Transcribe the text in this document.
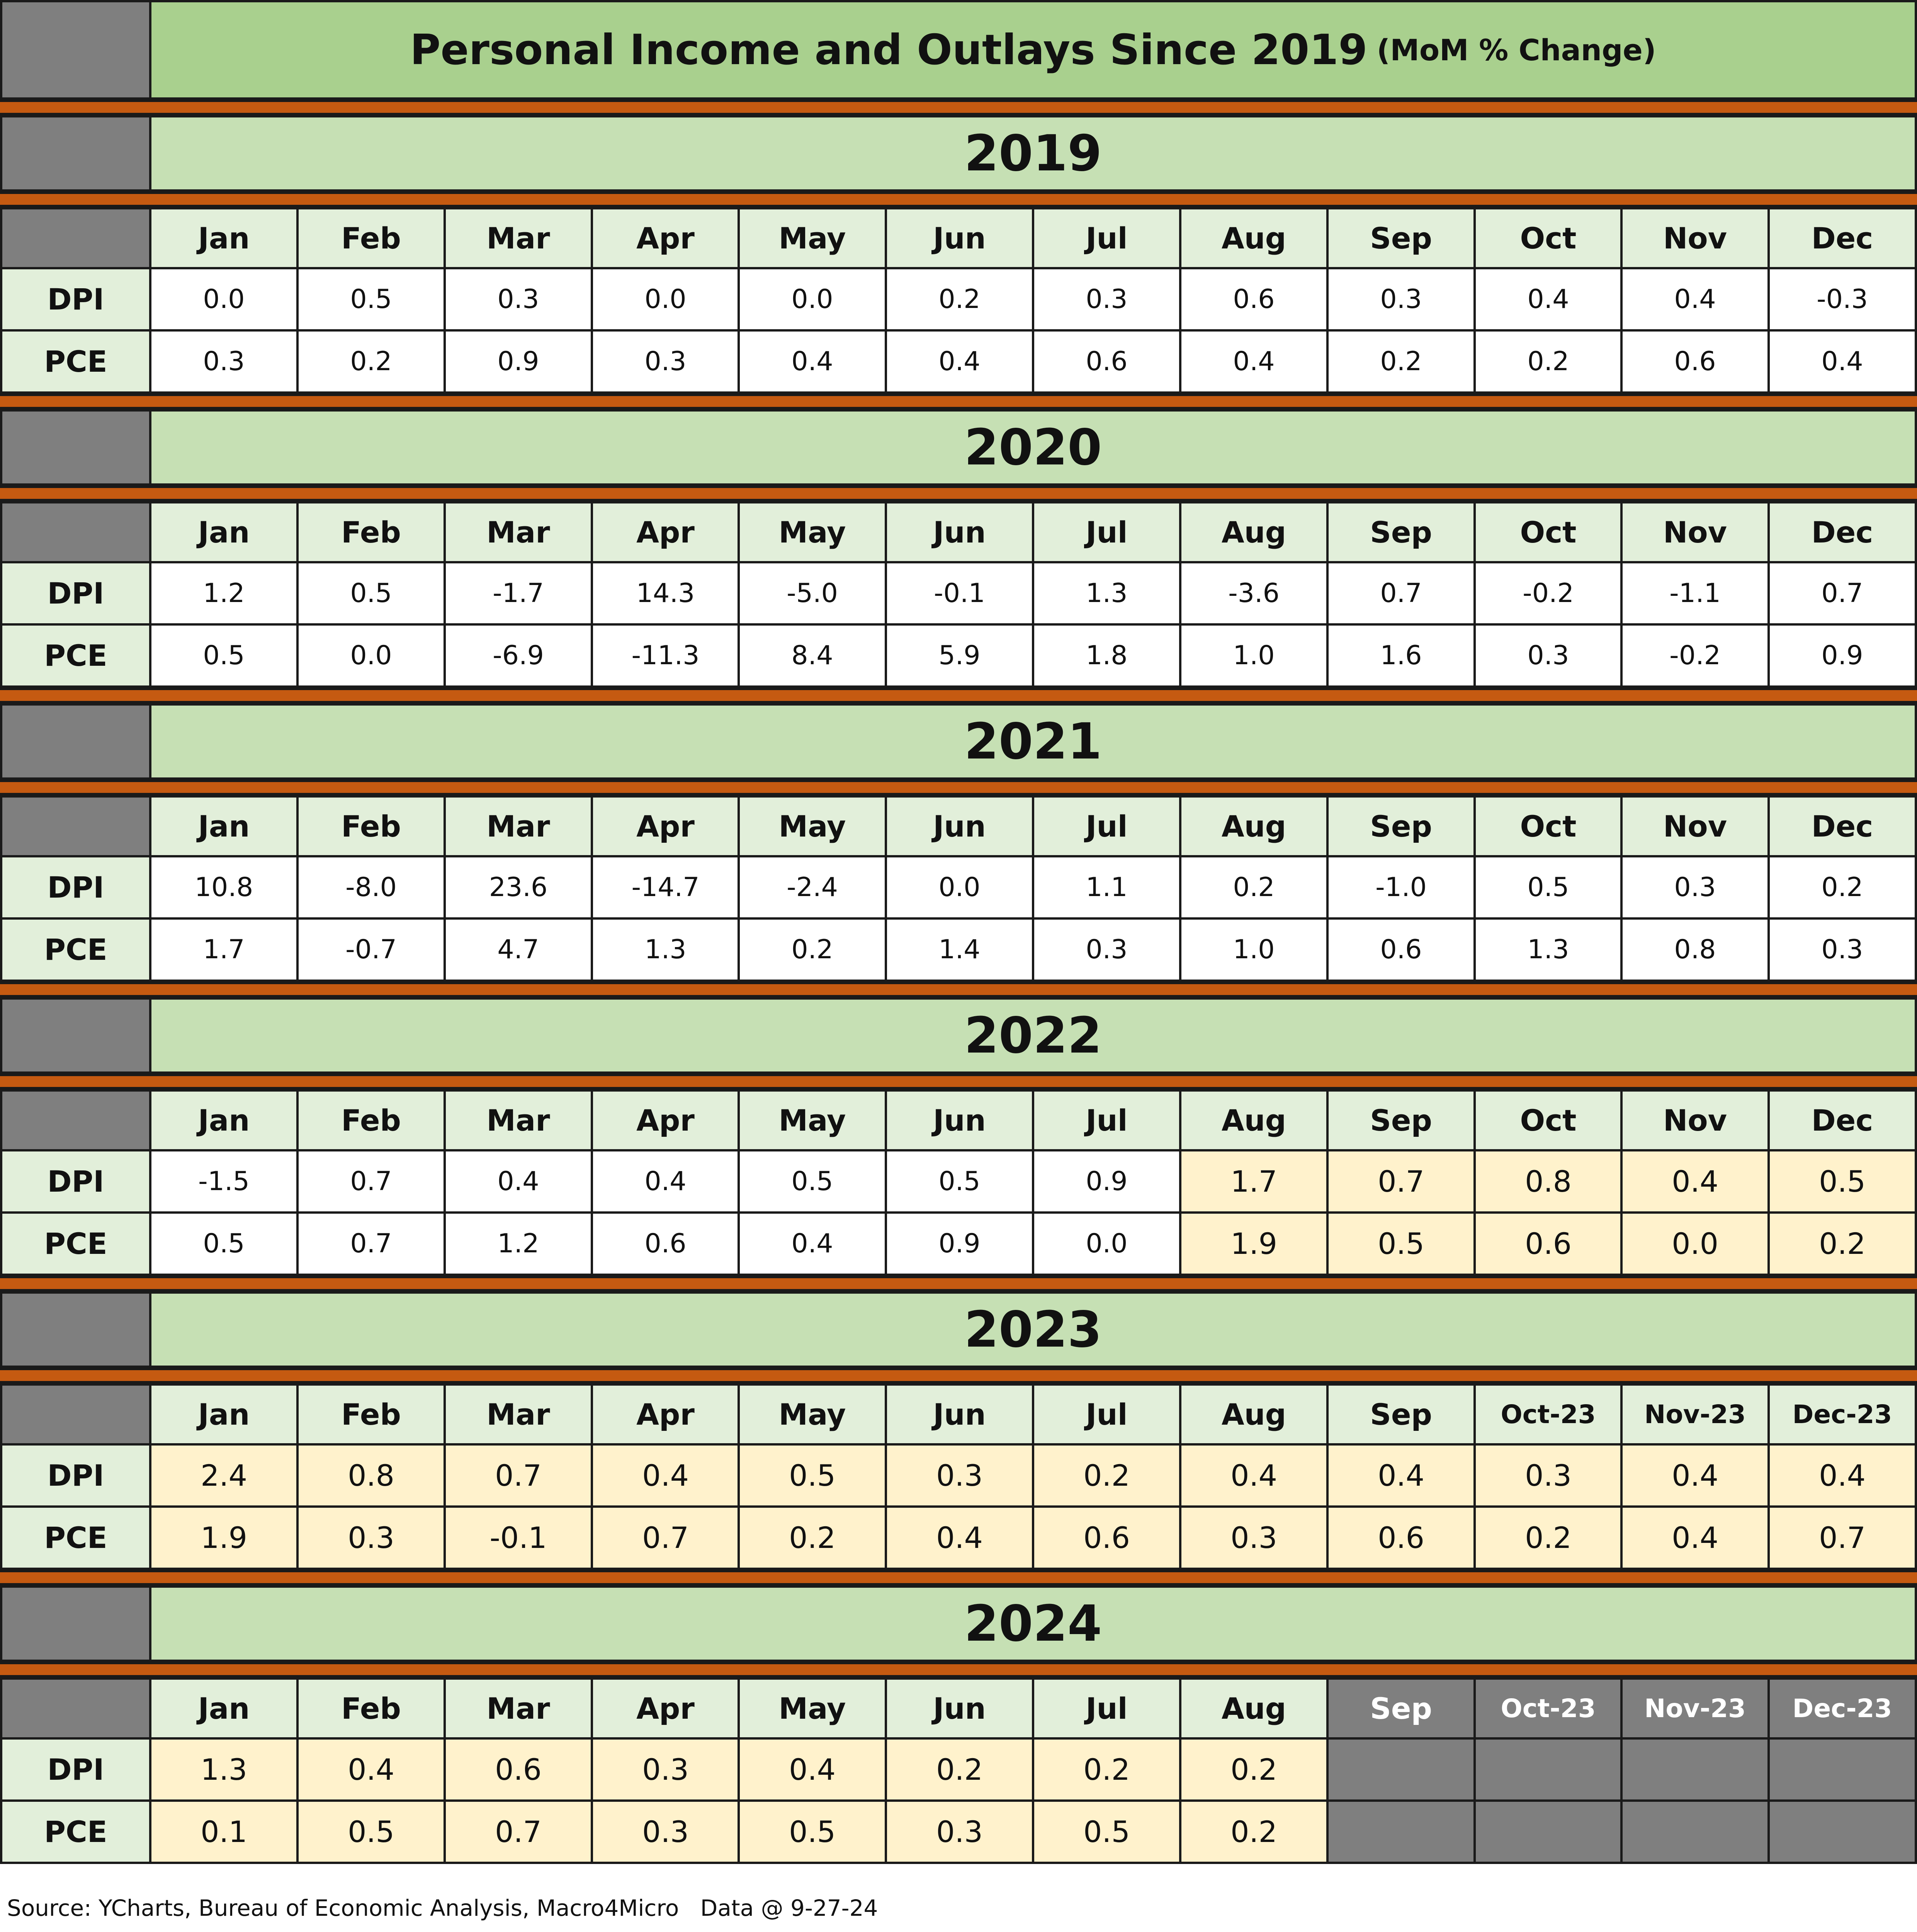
Personal Income and Outlays Since 2019 (MoM % Change)
2019
Jan	Feb	Mar	Apr	May	Jun	Jul	Aug	Sep	Oct	Nov	Dec
DPI	0.0	0.5	0.3	0.0	0.0	0.2	0.3	0.6	0.3	0.4	0.4	-0.3
PCE	0.3	0.2	0.9	0.3	0.4	0.4	0.6	0.4	0.2	0.2	0.6	0.4
2020
Jan	Feb	Mar	Apr	May	Jun	Jul	Aug	Sep	Oct	Nov	Dec
DPI	1.2	0.5	-1.7	14.3	-5.0	-0.1	1.3	-3.6	0.7	-0.2	-1.1	0.7
PCE	0.5	0.0	-6.9	-11.3	8.4	5.9	1.8	1.0	1.6	0.3	-0.2	0.9
2021
Jan	Feb	Mar	Apr	May	Jun	Jul	Aug	Sep	Oct	Nov	Dec
DPI	10.8	-8.0	23.6	-14.7	-2.4	0.0	1.1	0.2	-1.0	0.5	0.3	0.2
PCE	1.7	-0.7	4.7	1.3	0.2	1.4	0.3	1.0	0.6	1.3	0.8	0.3
2022
Jan	Feb	Mar	Apr	May	Jun	Jul	Aug	Sep	Oct	Nov	Dec
DPI	-1.5	0.7	0.4	0.4	0.5	0.5	0.9	1.7	0.7	0.8	0.4	0.5
PCE	0.5	0.7	1.2	0.6	0.4	0.9	0.0	1.9	0.5	0.6	0.0	0.2
2023
Jan	Feb	Mar	Apr	May	Jun	Jul	Aug	Sep	Oct-23	Nov-23	Dec-23
DPI	2.4	0.8	0.7	0.4	0.5	0.3	0.2	0.4	0.4	0.3	0.4	0.4
PCE	1.9	0.3	-0.1	0.7	0.2	0.4	0.6	0.3	0.6	0.2	0.4	0.7
2024
Jan	Feb	Mar	Apr	May	Jun	Jul	Aug	Sep	Oct-23	Nov-23	Dec-23
DPI	1.3	0.4	0.6	0.3	0.4	0.2	0.2	0.2
PCE	0.1	0.5	0.7	0.3	0.5	0.3	0.5	0.2
Source: YCharts, Bureau of Economic Analysis, Macro4Micro   Data @ 9-27-24
